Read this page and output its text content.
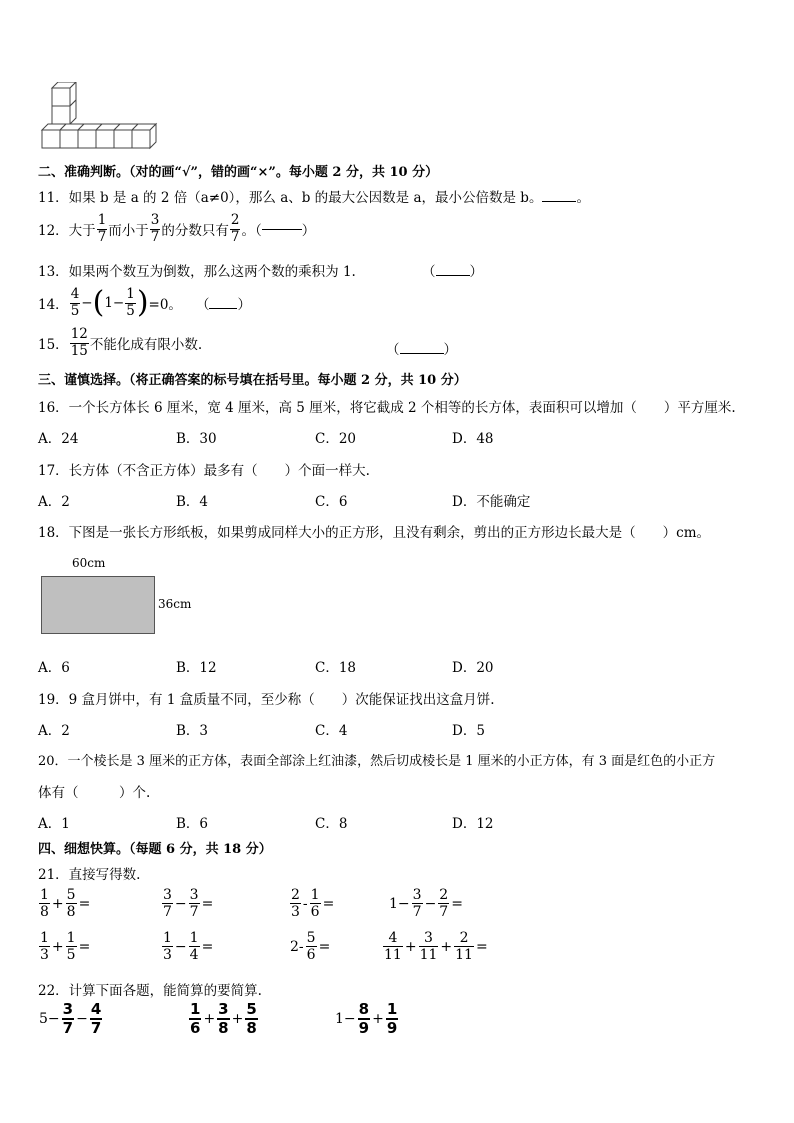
二、准确判断。（对的画“√”，错的画“×”。每小题 2 分，共 10 分）
11．如果 b 是 a 的 2 倍（a≠0），那么 a、b 的最大公因数是 a，最小公倍数是 b。	。
12．大于 $\frac{1}{7}$ 而小于 $\frac{3}{7}$ 的分数只有 $\frac{2}{7}$ 。（	）
13．如果两个数互为倒数，那么这两个数的乘积为 1.	（	）
14． $\frac{4}{5}$ − ( $1- \frac{1}{5}$ ) =0。 （ ）
15． $\frac{12}{15}$ 不能化成有限小数.	（	）
三、谨慎选择。（将正确答案的标号填在括号里。每小题 2 分，共 10 分）
16．一个长方体长 6 厘米，宽 4 厘米，高 5 厘米，将它截成 2 个相等的长方体，表面积可以增加（　　）平方厘米.
A．24	B．30	C．20	D．48
17．长方体（不含正方体）最多有（　　）个面一样大.
A．2	B．4	C．6	D．不能确定
18．下图是一张长方形纸板，如果剪成同样大小的正方形，且没有剩余，剪出的正方形边长最大是（　　）cm。
60cm
36cm
A．6	B．12	C．18	D．20
19．9 盒月饼中，有 1 盒质量不同，至少称（　　）次能保证找出这盒月饼.
A．2	B．3	C．4	D．5
20．一个棱长是 3 厘米的正方体，表面全部涂上红油漆，然后切成棱长是 1 厘米的小正方体，有 3 面是红色的小正方
体有（　　　）个.
A．1	B．6	C．8	D．12
四、细想快算。（每题 6 分，共 18 分）
21．直接写得数.
$\frac{1}{8} + \frac{5}{8}$ =	$\frac{3}{7} - \frac{3}{7}$ =	$\frac{2}{3} - \frac{1}{6}$ =	$1- \frac{3}{7} - \frac{2}{7}$ =
$\frac{1}{3} + \frac{1}{5}$ =	$\frac{1}{3} - \frac{1}{4}$ =	$2- \frac{5}{6}$ =	$\frac{4}{11} + \frac{3}{11} + \frac{2}{11}$ =
22．计算下面各题，能简算的要简算.
$5- \frac{3}{7} - \frac{4}{7}$	$\frac{1}{6} + \frac{3}{8} + \frac{5}{8}$	$1- \frac{8}{9} + \frac{1}{9}$
